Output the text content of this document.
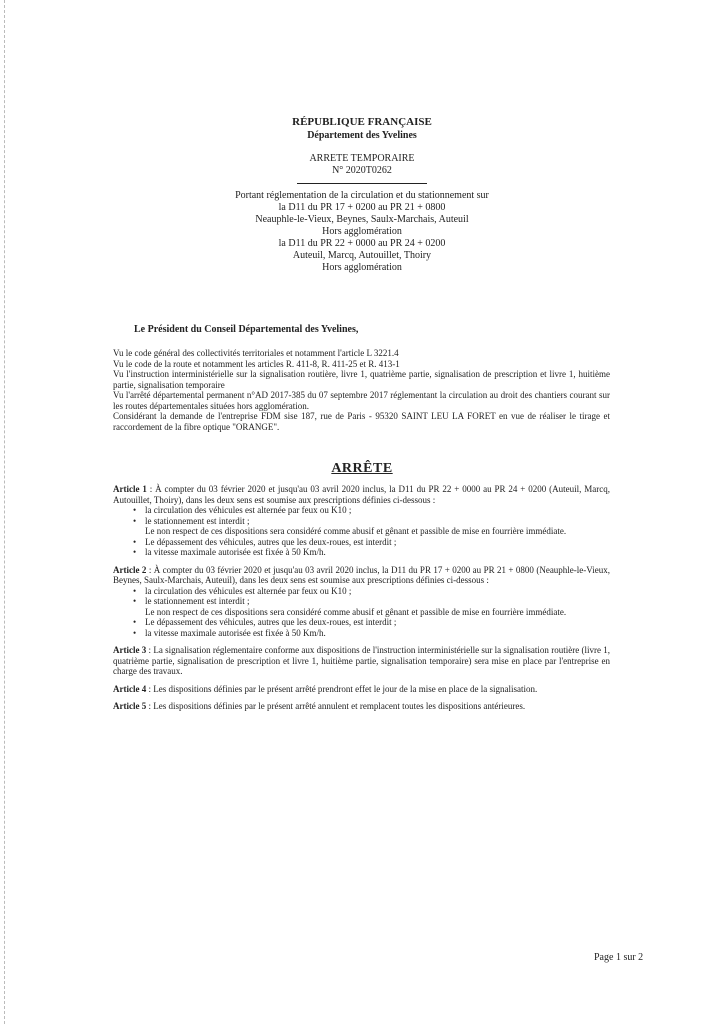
RÉPUBLIQUE FRANÇAISE
Département des Yvelines
ARRETE TEMPORAIRE
N° 2020T0262
Portant réglementation de la circulation et du stationnement sur
la D11 du PR 17 + 0200 au PR 21 + 0800
Neauphle-le-Vieux, Beynes, Saulx-Marchais, Auteuil
Hors agglomération
la D11 du PR 22 + 0000 au PR 24 + 0200
Auteuil, Marcq, Autouillet, Thoiry
Hors agglomération
Le Président du Conseil Départemental des Yvelines,

Vu le code général des collectivités territoriales et notamment l'article L 3221.4

Vu le code de la route et notamment les articles R. 411-8, R. 411-25 et R. 413-1

Vu l'instruction interministérielle sur la signalisation routière, livre 1, quatrième partie, signalisation de prescription et livre 1, huitième partie, signalisation temporaire

Vu l'arrêté départemental permanent n°AD 2017-385 du 07 septembre 2017 réglementant la circulation au droit des chantiers courant sur les routes départementales situées hors agglomération.

Considérant la demande de l'entreprise FDM sise 187, rue de Paris - 95320 SAINT LEU LA FORET en vue de réaliser le tirage et raccordement de la fibre optique "ORANGE".

ARRÊTE
Article 1 : À compter du 03 février 2020 et jusqu'au 03 avril 2020 inclus, la D11 du PR 22 + 0000 au PR 24 + 0200 (Auteuil, Marcq, Autouillet, Thoiry), dans les deux sens est soumise aux prescriptions définies ci-dessous :
• la circulation des véhicules est alternée par feux ou K10 ;
• le stationnement est interdit ;
Le non respect de ces dispositions sera considéré comme abusif et gênant et passible de mise en fourrière immédiate.
• Le dépassement des véhicules, autres que les deux-roues, est interdit ;
• la vitesse maximale autorisée est fixée à 50 Km/h.
Article 2 : À compter du 03 février 2020 et jusqu'au 03 avril 2020 inclus, la D11 du PR 17 + 0200 au PR 21 + 0800 (Neauphle-le-Vieux, Beynes, Saulx-Marchais, Auteuil), dans les deux sens est soumise aux prescriptions définies ci-dessous :
• la circulation des véhicules est alternée par feux ou K10 ;
• le stationnement est interdit ;
Le non respect de ces dispositions sera considéré comme abusif et gênant et passible de mise en fourrière immédiate.
• Le dépassement des véhicules, autres que les deux-roues, est interdit ;
• la vitesse maximale autorisée est fixée à 50 Km/h.
Article 3 : La signalisation réglementaire conforme aux dispositions de l'instruction interministérielle sur la signalisation routière (livre 1, quatrième partie, signalisation de prescription et livre 1, huitième partie, signalisation temporaire) sera mise en place par l'entreprise en charge des travaux.
Article 4 : Les dispositions définies par le présent arrêté prendront effet le jour de la mise en place de la signalisation.
Article 5 : Les dispositions définies par le présent arrêté annulent et remplacent toutes les dispositions antérieures.
Page 1 sur 2
